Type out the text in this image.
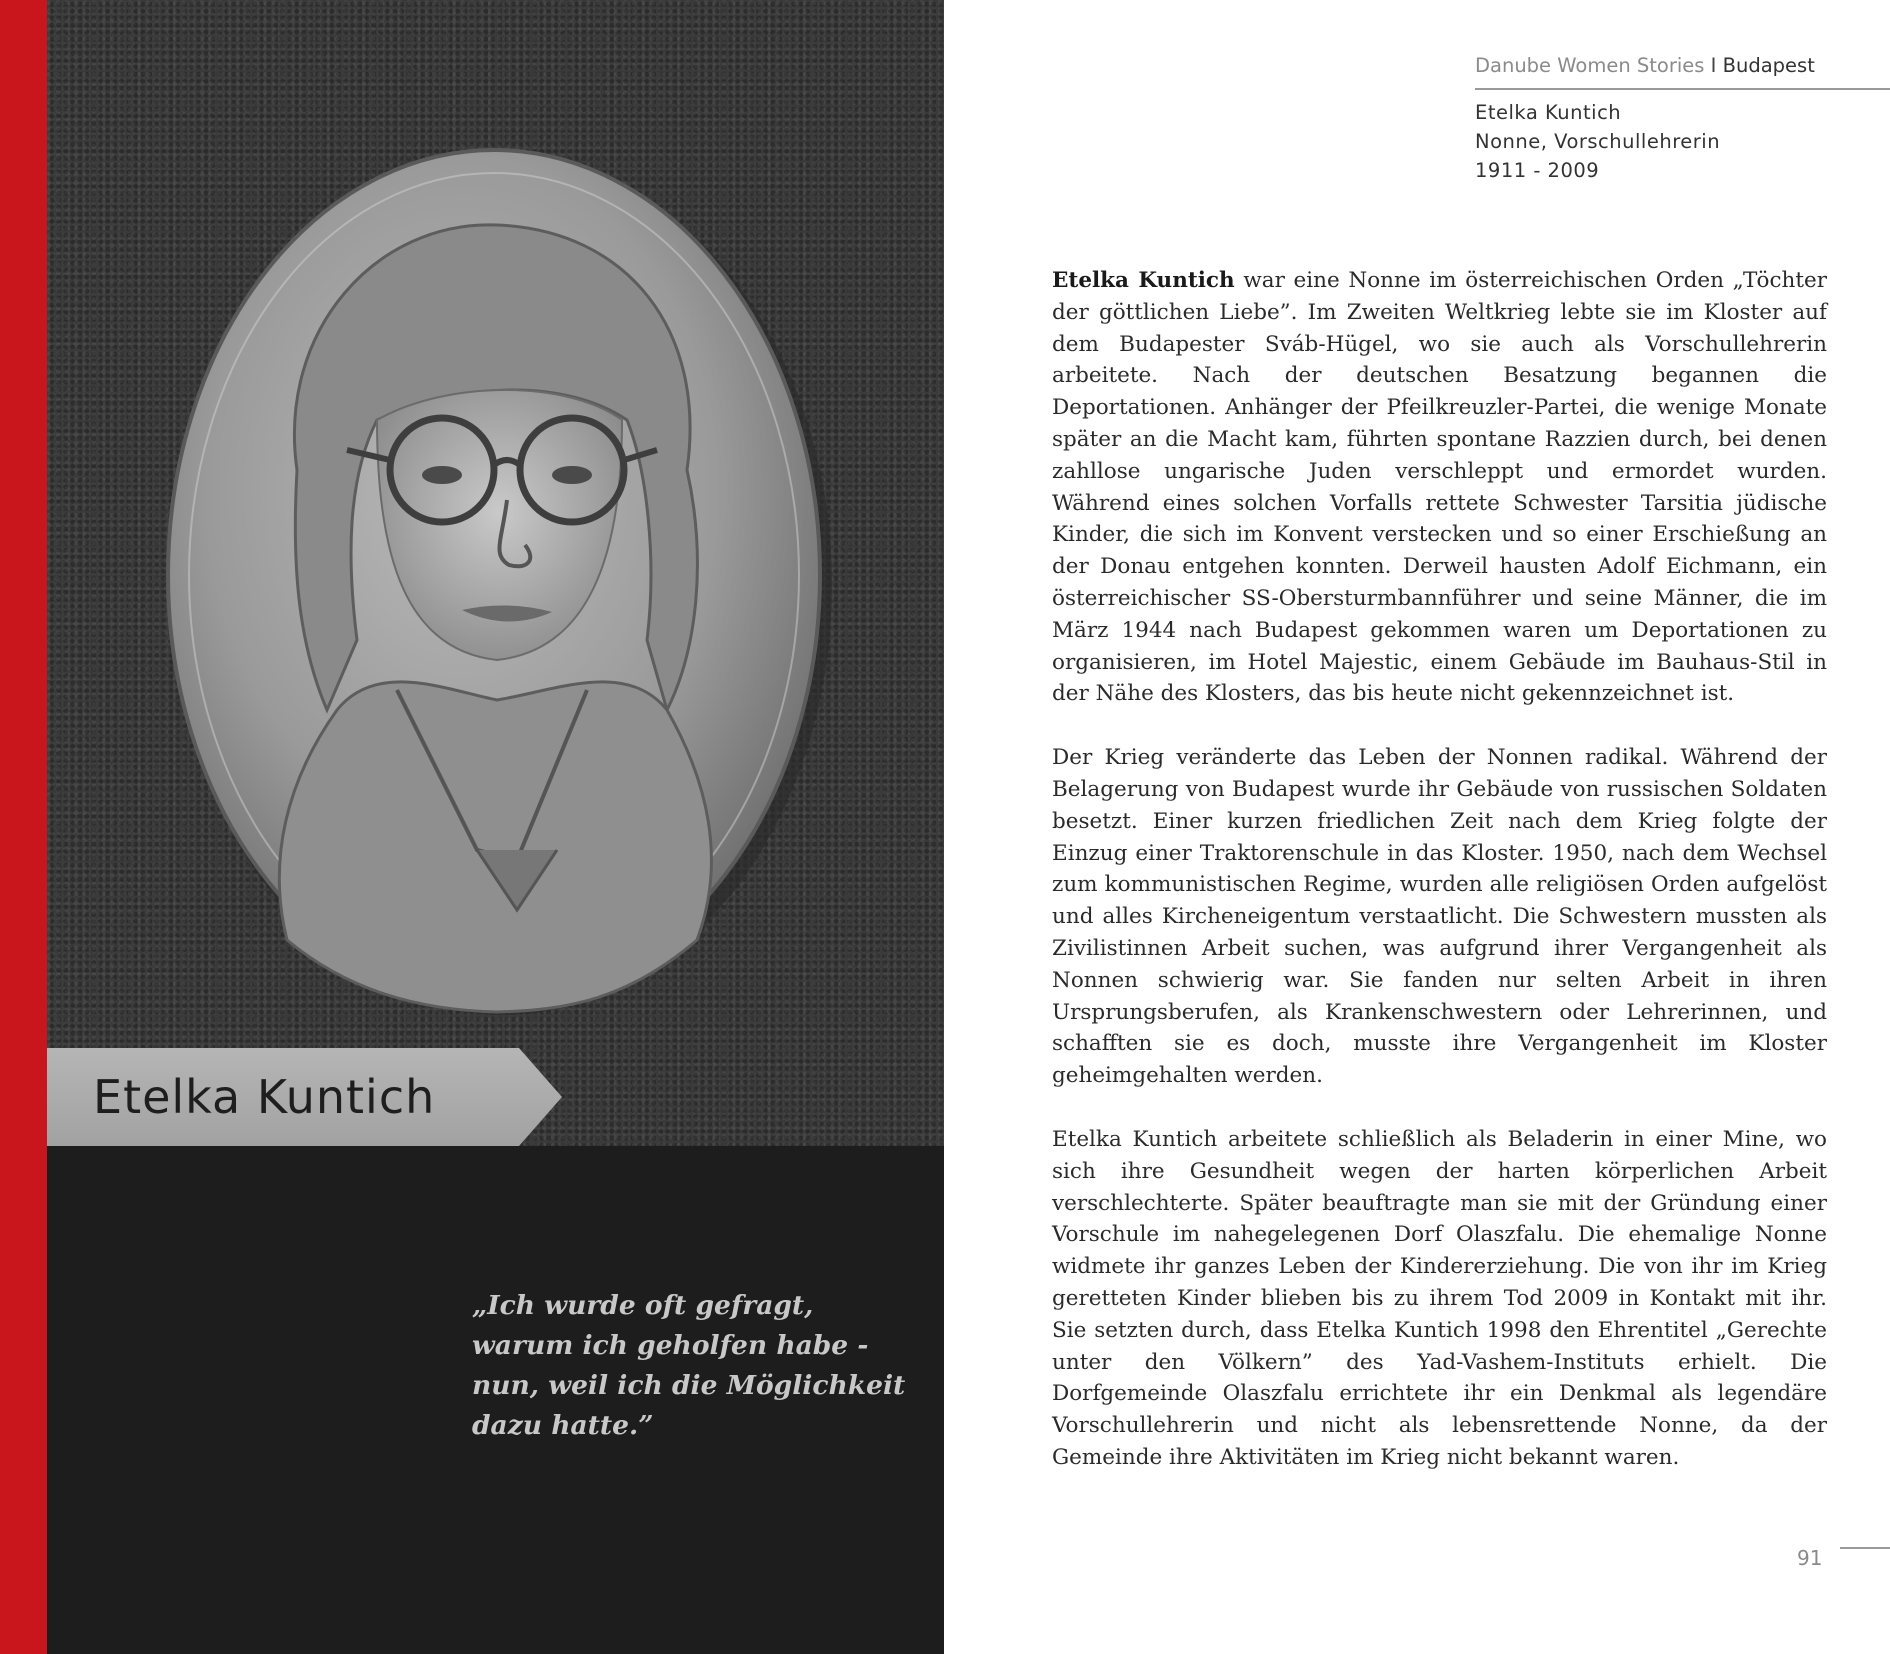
Etelka Kuntich
„Ich wurde oft gefragt,
warum ich geholfen habe -
nun, weil ich die Möglichkeit
dazu hatte.”
Danube Women Stories I Budapest
Etelka Kuntich
Nonne, Vorschullehrerin
1911 - 2009

Etelka Kuntich war eine Nonne im österreichischen Orden „Töchter der göttlichen Liebe”. Im Zweiten Weltkrieg lebte sie im Kloster auf dem Budapester Sváb-Hügel, wo sie auch als Vorschullehrerin arbeitete. Nach der deutschen Besatzung begannen die Deportationen. Anhänger der Pfeilkreuzler-Partei, die wenige Monate später an die Macht kam, führten spontane Razzien durch, bei denen zahllose ungarische Juden verschleppt und ermordet wurden. Während eines solchen Vorfalls rettete Schwester Tarsitia jüdische Kinder, die sich im Konvent verstecken und so einer Erschießung an der Donau entgehen konnten. Derweil hausten Adolf Eichmann, ein österreichischer SS-Obersturmbannführer und seine Männer, die im März 1944 nach Budapest gekommen waren um Deportationen zu organisieren, im Hotel Majestic, einem Gebäude im Bauhaus-Stil in der Nähe des Klosters, das bis heute nicht gekennzeichnet ist.

Der Krieg veränderte das Leben der Nonnen radikal. Während der Belagerung von Budapest wurde ihr Gebäude von russischen Soldaten besetzt. Einer kurzen friedlichen Zeit nach dem Krieg folgte der Einzug einer Traktorenschule in das Kloster. 1950, nach dem Wechsel zum kommunistischen Regime, wurden alle religiösen Orden aufgelöst und alles Kircheneigentum verstaatlicht. Die Schwestern mussten als Zivilistinnen Arbeit suchen, was aufgrund ihrer Vergangenheit als Nonnen schwierig war. Sie fanden nur selten Arbeit in ihren Ursprungsberufen, als Krankenschwestern oder Lehrerinnen, und schafften sie es doch, musste ihre Vergangenheit im Kloster geheimgehalten werden.

Etelka Kuntich arbeitete schließlich als Beladerin in einer Mine, wo sich ihre Gesundheit wegen der harten körperlichen Arbeit verschlechterte. Später beauftragte man sie mit der Gründung einer Vorschule im nahegelegenen Dorf Olaszfalu. Die ehemalige Nonne widmete ihr ganzes Leben der Kindererziehung. Die von ihr im Krieg geretteten Kinder blieben bis zu ihrem Tod 2009 in Kontakt mit ihr. Sie setzten durch, dass Etelka Kuntich 1998 den Ehrentitel „Gerechte unter den Völkern” des Yad-Vashem-Instituts erhielt. Die Dorfgemeinde Olaszfalu errichtete ihr ein Denkmal als legendäre Vorschullehrerin und nicht als lebensrettende Nonne, da der Gemeinde ihre Aktivitäten im Krieg nicht bekannt waren.

91
